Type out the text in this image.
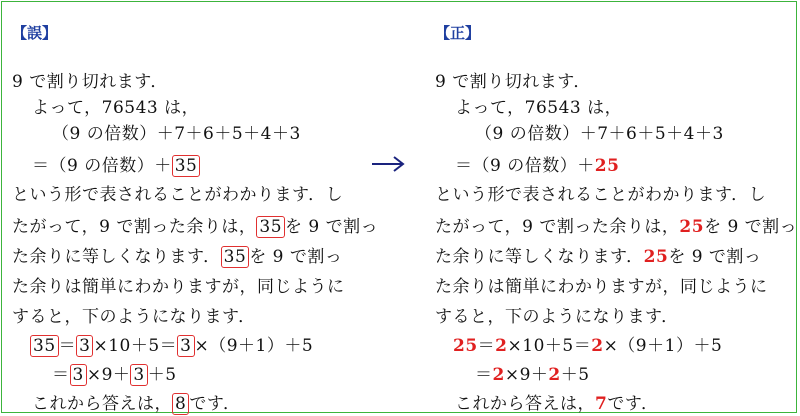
【誤】
9 で割り切れます．
よって，76543 は，
（9 の倍数）＋7＋6＋5＋4＋3
＝（9 の倍数）＋ 35
という形で表されることがわかります．し
たがって，9 で割った余りは， 35 を 9 で割っ
た余りに等しくなります． 35 を 9 で割っ
た余りは簡単にわかりますが，同じように
すると，下のようになります．
35 ＝ 3 ×10＋5＝ 3 ×（9＋1）＋5
＝ 3 ×9＋ 3 ＋5
これから答えは， 8 です．
【正】
9 で割り切れます．
よって，76543 は，
（9 の倍数）＋7＋6＋5＋4＋3
＝（9 の倍数）＋25
という形で表されることがわかります．し
たがって，9 で割った余りは，25を 9 で割っ
た余りに等しくなります．25を 9 で割っ
た余りは簡単にわかりますが，同じように
すると，下のようになります．
25＝2×10＋5＝2×（9＋1）＋5
＝2×9＋2＋5
これから答えは，7です．
